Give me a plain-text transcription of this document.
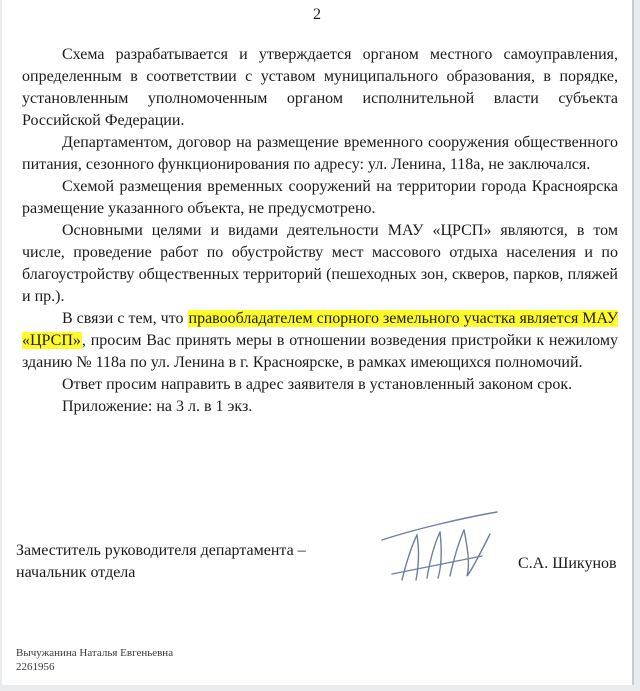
2

Схема разрабатывается и утверждается органом местного самоуправления, определенным в соответствии с уставом муниципального образования, в порядке, установленным уполномоченным органом исполнительной власти субъекта Российской Федерации.

Департаментом, договор на размещение временного сооружения общественного питания, сезонного функционирования по адресу: ул. Ленина, 118а, не заключался.

Схемой размещения временных сооружений на территории города Красноярска размещение указанного объекта, не предусмотрено.

Основными целями и видами деятельности МАУ «ЦРСП» являются, в том числе, проведение работ по обустройству мест массового отдыха населения и по благоустройству общественных территорий (пешеходных зон, скверов, парков, пляжей и пр.).

В связи с тем, что правообладателем спорного земельного участка является МАУ «ЦРСП», просим Вас принять меры в отношении возведения пристройки к нежилому зданию № 118а по ул. Ленина в г. Красноярске, в рамках имеющихся полномочий.

Ответ просим направить в адрес заявителя в установленный законом срок.

Приложение: на 3 л. в 1 экз.

Заместитель руководителя департамента –
начальник отдела
С.А. Шикунов
Вычужанина Наталья Евгеньевна
2261956
